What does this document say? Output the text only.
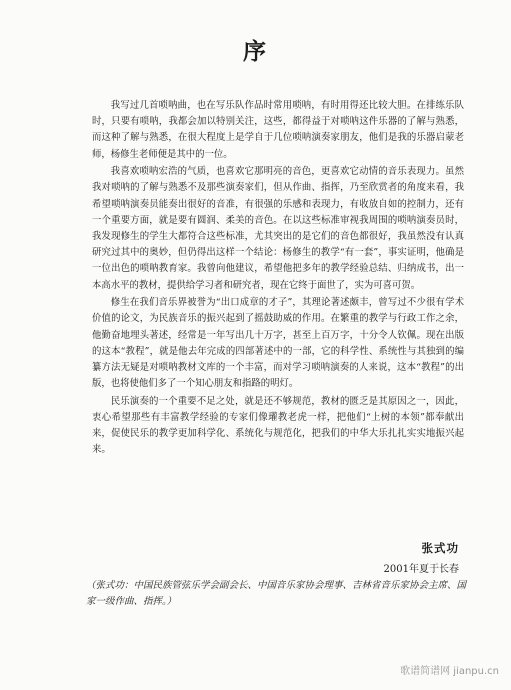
序

我写过几首唢呐曲，也在写乐队作品时常用唢呐，有时用得还比较大胆。在排练乐队时，只要有唢呐，我都会加以特别关注，这些，都得益于对唢呐这件乐器的了解与熟悉，而这种了解与熟悉，在很大程度上是学自于几位唢呐演奏家朋友，他们是我的乐器启蒙老师，杨修生老师便是其中的一位。

我喜欢唢呐宏浩的气质，也喜欢它那明亮的音色，更喜欢它动情的音乐表现力。虽然我对唢呐的了解与熟悉不及那些演奏家们，但从作曲、指挥，乃至欣赏者的角度来看，我希望唢呐演奏员能奏出很好的音准，有很强的乐感和表现力，有收放自如的控制力，还有一个重要方面，就是要有圆润、柔美的音色。在以这些标准审视我周围的唢呐演奏员时，我发现修生的学生大都符合这些标准，尤其突出的是它们的音色都很好，我虽然没有认真研究过其中的奥妙，但仍得出这样一个结论：杨修生的教学“有一套”，事实证明，他确是一位出色的唢呐教育家。我曾向他建议，希望他把多年的教学经验总结、归纳成书，出一本高水平的教材，提供给学习者和研究者，现在它终于面世了，实为可喜可贺。

修生在我们音乐界被誉为“出口成章的才子”，其理论著述颇丰，曾写过不少很有学术价值的论文，为民族音乐的振兴起到了摇鼓助威的作用。在繁重的教学与行政工作之余，他勤奋地埋头著述，经常是一年写出几十万字，甚至上百万字，十分令人钦佩。现在出版的这本“教程”，就是他去年完成的四部著述中的一部，它的科学性、系统性与其独到的编纂方法无疑是对唢呐教材文库的一个丰富，而对学习唢呐演奏的人来说，这本“教程”的出版，也将使他们多了一个知心朋友和指路的明灯。

民乐演奏的一个重要不足之处，就是还不够规范，教材的匮乏是其原因之一，因此，衷心希望那些有丰富教学经验的专家们像瓘教老虎一样，把他们“上树的本领”都奉献出来，促使民乐的教学更加科学化、系统化与规范化，把我们的中华大乐扎扎实实地振兴起来。

张式功
2001年夏于长春
（张式功：中国民族管弦乐学会副会长、中国音乐家协会理事、吉林省音乐家协会主席、国家一级作曲、指挥。）
歌谱简谱网 jianpu.cn
